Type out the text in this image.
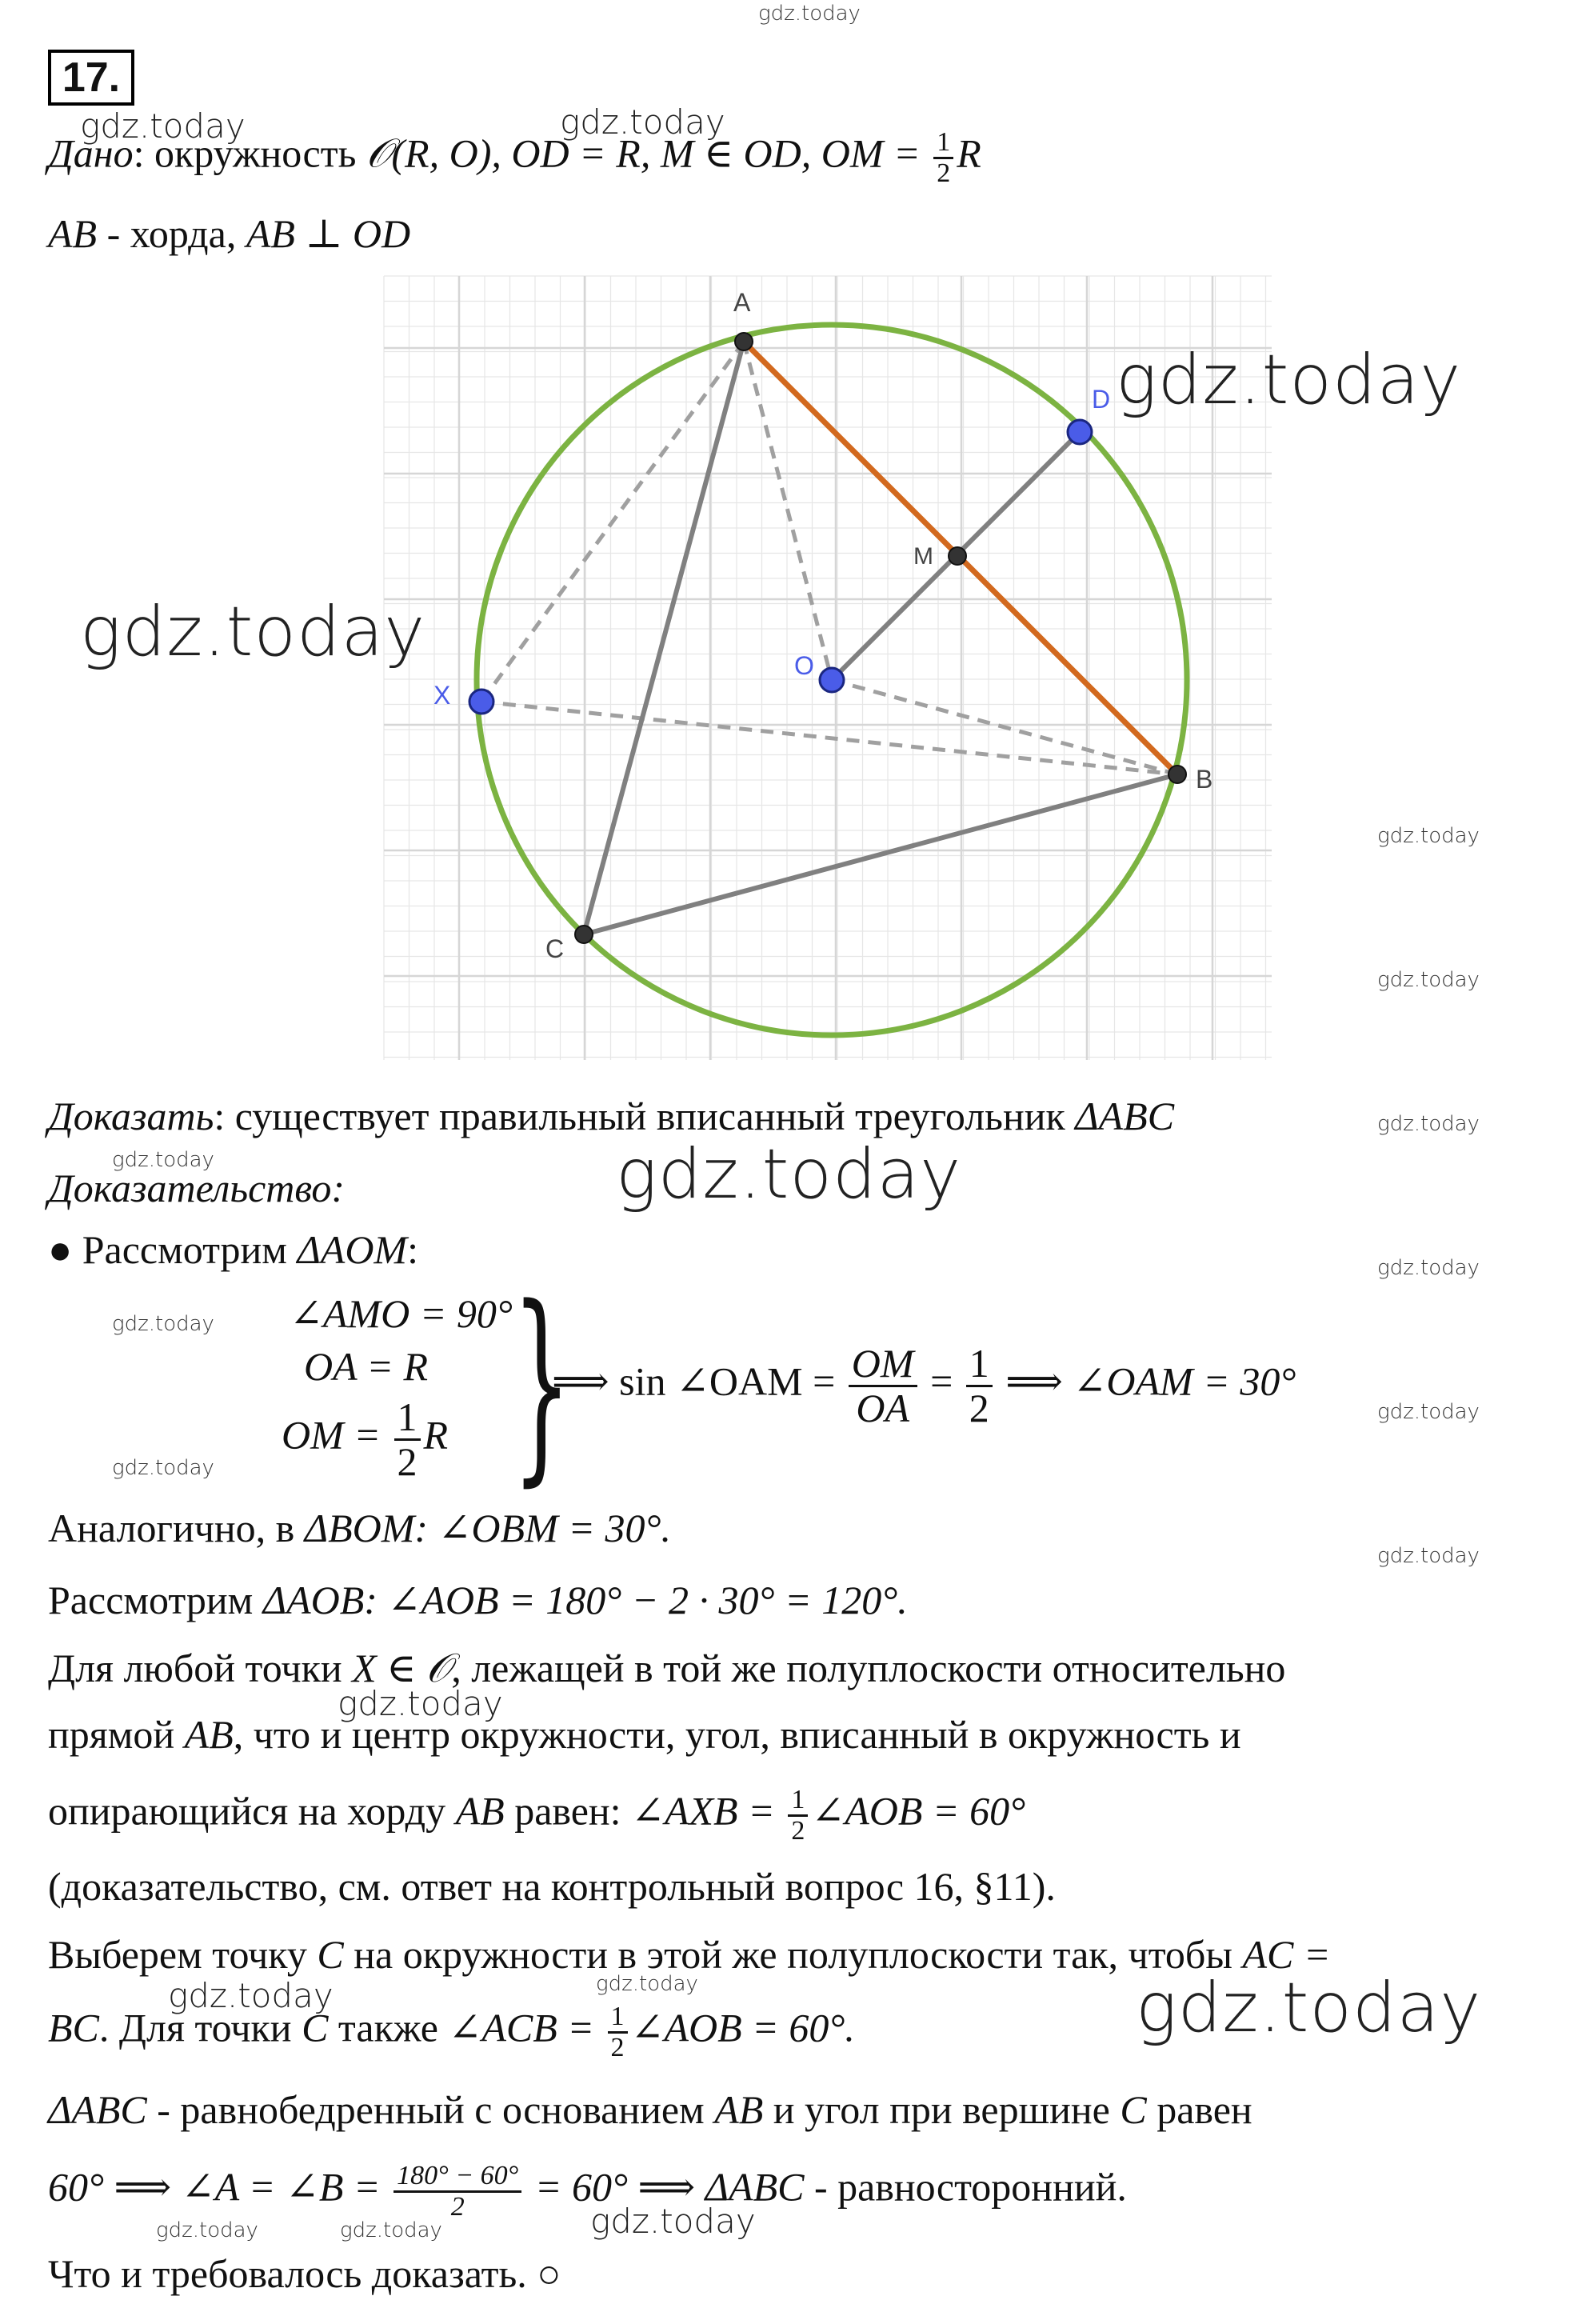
17.
Дано: окружность 𝒪(R, O), OD = R, M ∈ OD, OM = $\frac{1}{2}$ R
AB - хорда, AB ⊥ OD
A
B
C
D
M
O
X
Доказать: существует правильный вписанный треугольник ΔABC
Доказательство:
● Рассмотрим ΔAOM:
∠AMO = 90°
OA = R
OM = $\frac{1}{2}$ R }
⟹ sin ∠OAM = $\frac{OM}{OA} = \frac{1}{2}$ ⟹ ∠OAM = 30°
Аналогично, в ΔBOM: ∠OBM = 30°.
Рассмотрим ΔAOB: ∠AOB = 180° − 2 · 30° = 120°.
Для любой точки X ∈ 𝒪, лежащей в той же полуплоскости относительно
прямой AB, что и центр окружности, угол, вписанный в окружность и
опирающийся на хорду AB равен: ∠AXB = $\frac{1}{2}$ ∠AOB = 60°
(доказательство, см. ответ на контрольный вопрос 16, §11).
Выберем точку C на окружности в этой же полуплоскости так, чтобы AC =
BC. Для точки C также ∠ACB = $\frac{1}{2}$ ∠AOB = 60°.
ΔABC - равнобедренный с основанием AB и угол при вершине C равен
60° ⟹ ∠A = ∠B = $\frac{180^\circ - 60^\circ}{2} = 60^\circ$ ⟹ ΔABC - равносторонний.
Что и требовалось доказать. ○
gdz.today
gdz.today	gdz.today
gdz.today
gdz.today
gdz.today
gdz.today
gdz.today
gdz.today	gdz.today
gdz.today
gdz.today
gdz.today
gdz.today
gdz.today
gdz.today
gdz.today	gdz.today	gdz.today
gdz.today	gdz.today	gdz.today
